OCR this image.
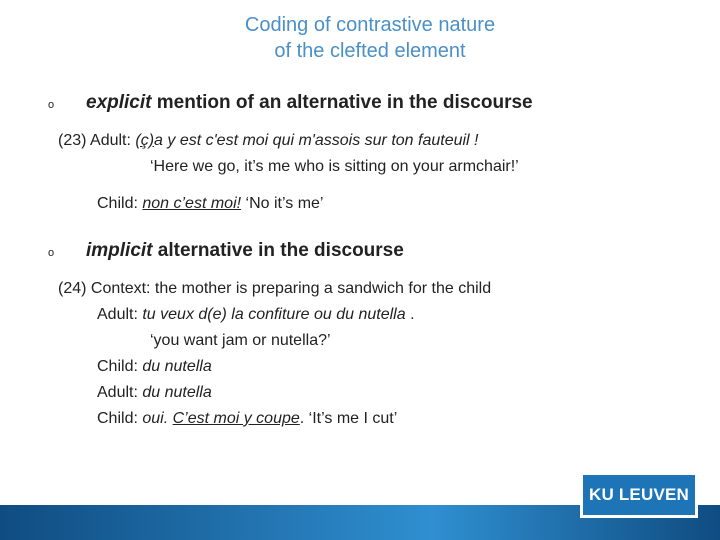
Coding of contrastive nature
of the clefted element
o	explicit mention of an alternative in the discourse
(23) Adult: (ç)a y est c'est moi qui m'assois sur ton fauteuil !
‘Here we go, it’s me who is sitting on your armchair!’
Child: non c’est moi! ‘No it’s me’
o	implicit alternative in the discourse
(24) Context: the mother is preparing a sandwich for the child
Adult: tu veux d(e) la confiture ou du nutella .
‘you want jam or nutella?’
Child: du nutella
Adult: du nutella
Child: oui. C’est moi y coupe. ‘It’s me I cut’
KU LEUVEN
